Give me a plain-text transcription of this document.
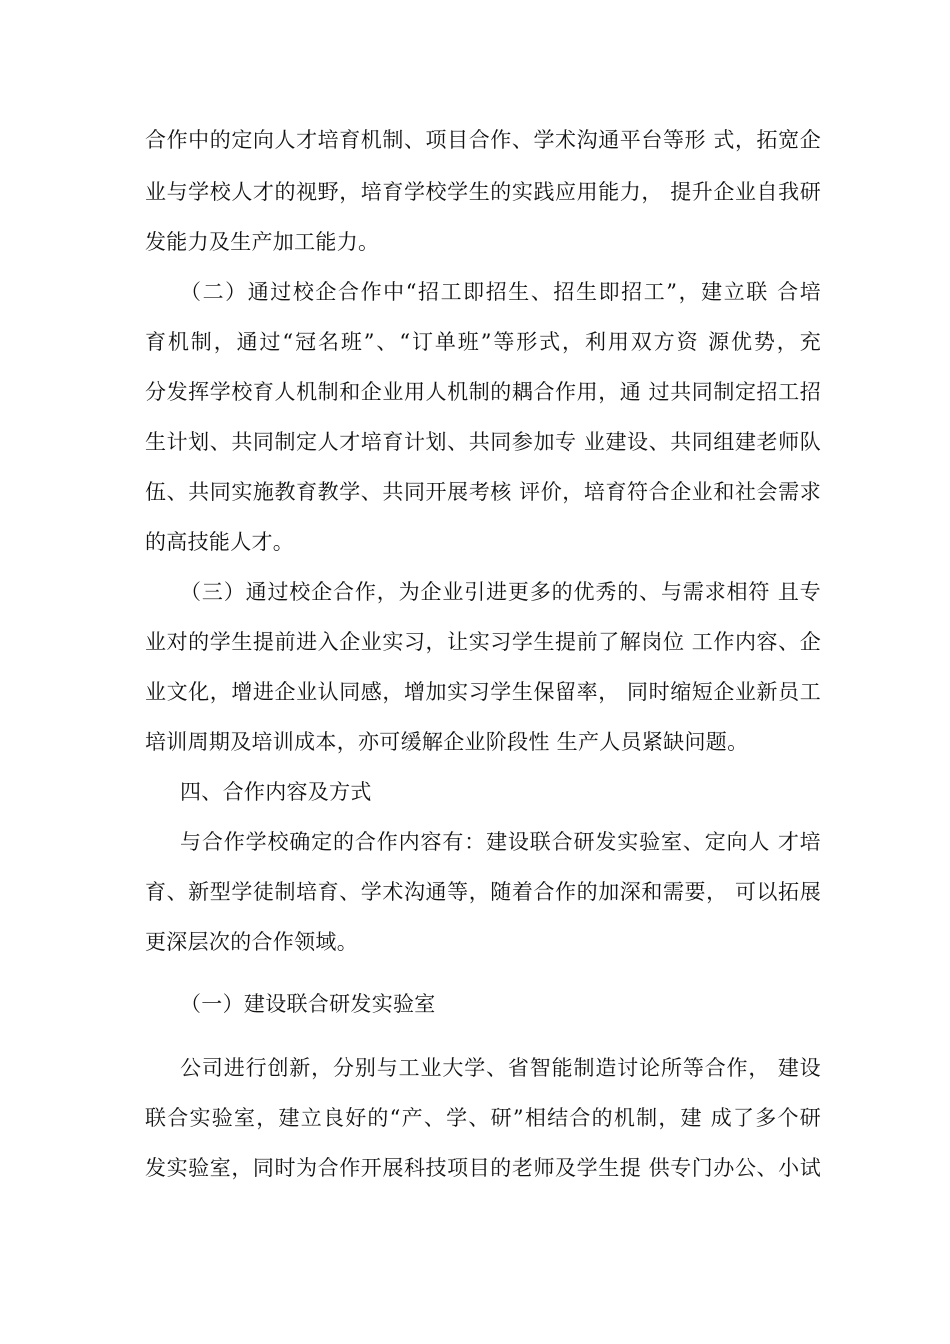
合作中的定向人才培育机制、项目合作、学术沟通平台等形 式，拓宽企
业与学校人才的视野，培育学校学生的实践应用能力， 提升企业自我研
发能力及生产加工能力。
（二）通过校企合作中“招工即招生、招生即招工”，建立联 合培
育机制，通过“冠名班”、“订单班”等形式，利用双方资 源优势，充
分发挥学校育人机制和企业用人机制的耦合作用，通 过共同制定招工招
生计划、共同制定人才培育计划、共同参加专 业建设、共同组建老师队
伍、共同实施教育教学、共同开展考核 评价，培育符合企业和社会需求
的高技能人才。
（三）通过校企合作，为企业引进更多的优秀的、与需求相符 且专
业对的学生提前进入企业实习，让实习学生提前了解岗位 工作内容、企
业文化，增进企业认同感，增加实习学生保留率， 同时缩短企业新员工
培训周期及培训成本，亦可缓解企业阶段性 生产人员紧缺问题。
四、合作内容及方式
与合作学校确定的合作内容有：建设联合研发实验室、定向人 才培
育、新型学徒制培育、学术沟通等，随着合作的加深和需要， 可以拓展
更深层次的合作领域。
（一）建设联合研发实验室
公司进行创新，分别与工业大学、省智能制造讨论所等合作， 建设
联合实验室，建立良好的“产、学、研”相结合的机制，建 成了多个研
发实验室，同时为合作开展科技项目的老师及学生提 供专门办公、小试
